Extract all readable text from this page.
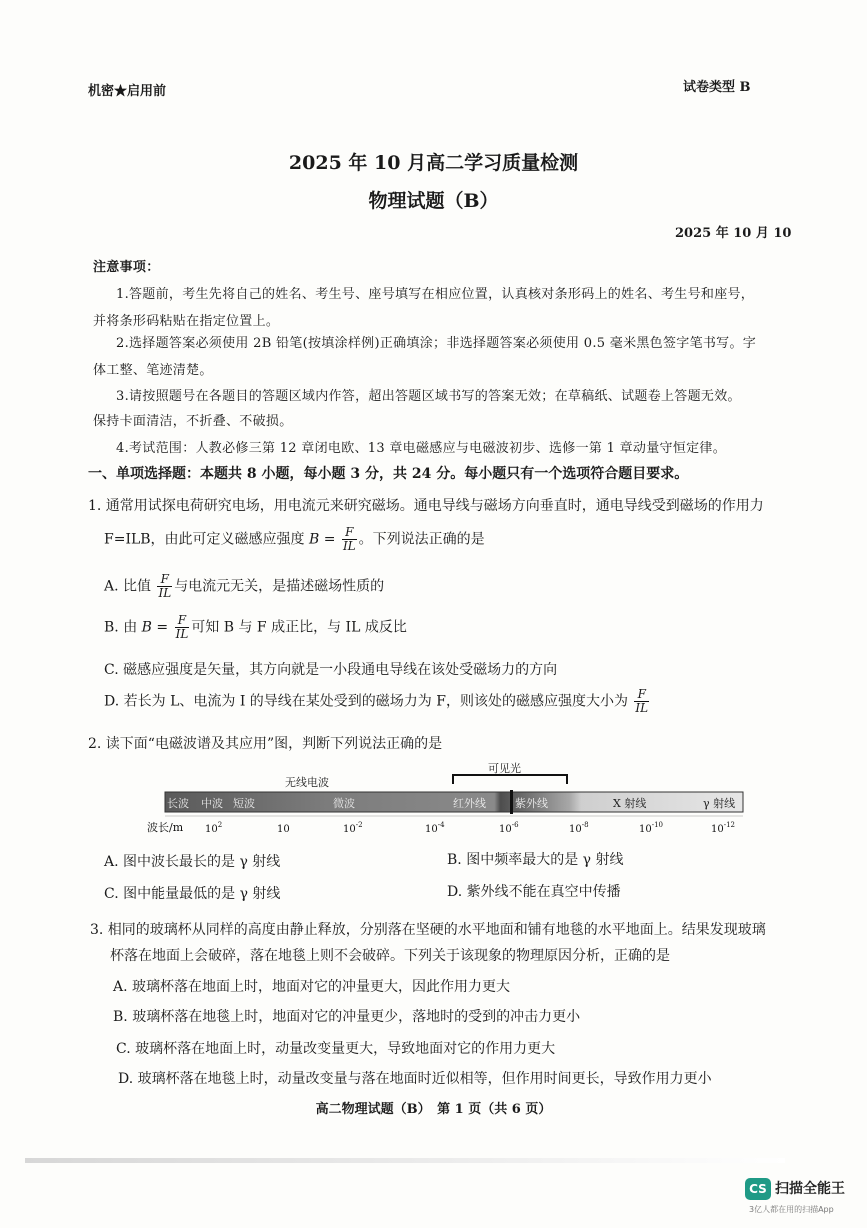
机密★启用前	试卷类型 B
2025 年 10 月高二学习质量检测
物理试题（B）
2025 年 10 月 10
注意事项：
1.答题前，考生先将自己的姓名、考生号、座号填写在相应位置，认真核对条形码上的姓名、考生号和座号，
并将条形码粘贴在指定位置上。
2.选择题答案必须使用 2B 铅笔(按填涂样例)正确填涂；非选择题答案必须使用 0.5 毫米黑色签字笔书写。字
体工整、笔迹清楚。
3.请按照题号在各题目的答题区域内作答，超出答题区域书写的答案无效；在草稿纸、试题卷上答题无效。
保持卡面清洁，不折叠、不破损。
4.考试范围：人教必修三第 12 章闭电欧、13 章电磁感应与电磁波初步、选修一第 1 章动量守恒定律。
一、单项选择题：本题共 8 小题，每小题 3 分，共 24 分。每小题只有一个选项符合题目要求。
1. 通常用试探电荷研究电场，用电流元来研究磁场。通电导线与磁场方向垂直时，通电导线受到磁场的作用力
F=ILB，由此可定义磁感应强度 $B = \frac{F}{IL}$ 。下列说法正确的是
A. 比值 $\frac{F}{IL}$ 与电流元无关，是描述磁场性质的
B. 由 $B = \frac{F}{IL}$ 可知 B 与 F 成正比，与 IL 成反比
C. 磁感应强度是矢量，其方向就是一小段通电导线在该处受磁场力的方向
D. 若长为 L、电流为 I 的导线在某处受到的磁场力为 F，则该处的磁感应强度大小为 $\frac{F}{IL}$
2. 读下面“电磁波谱及其应用”图，判断下列说法正确的是
无线电波
可见光
长波 中波 短波	微波	红外线	紫外线	X 射线	γ 射线
波长/m $10^2$	10	$10^{-2}$	$10^{-4}$	$10^{-6}$	$10^{-8}$	$10^{-10}$	$10^{-12}$
A. 图中波长最长的是 γ 射线	B. 图中频率最大的是 γ 射线
C. 图中能量最低的是 γ 射线	D. 紫外线不能在真空中传播
3. 相同的玻璃杯从同样的高度由静止释放，分别落在坚硬的水平地面和铺有地毯的水平地面上。结果发现玻璃
杯落在地面上会破碎，落在地毯上则不会破碎。下列关于该现象的物理原因分析，正确的是
A. 玻璃杯落在地面上时，地面对它的冲量更大，因此作用力更大
B. 玻璃杯落在地毯上时，地面对它的冲量更少，落地时的受到的冲击力更小
C. 玻璃杯落在地面上时，动量改变量更大，导致地面对它的作用力更大
D. 玻璃杯落在地毯上时，动量改变量与落在地面时近似相等，但作用时间更长，导致作用力更小
高二物理试题（B）　第 1 页（共 6 页）
CS 扫描全能王
3亿人都在用的扫描App
